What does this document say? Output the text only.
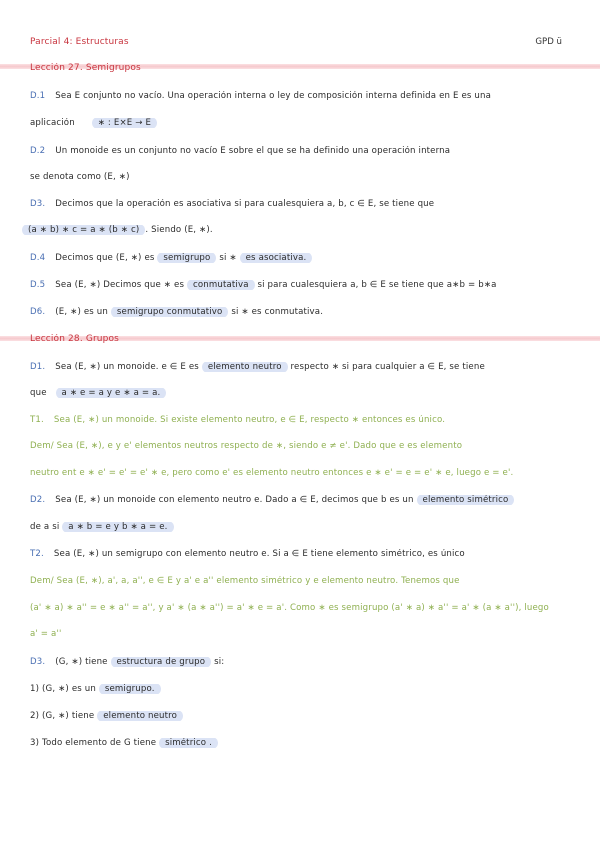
Parcial 4: Estructuras	GPD ü
Lección 27. Semigrupos
D.1 Sea E conjunto no vacío. Una operación interna o ley de composición interna definida en E es una
aplicación	∗ : E×E → E
D.2 Un monoide es un conjunto no vacío E sobre el que se ha definido una operación interna
se denota como (E, ∗)
D3. Decimos que la operación es asociativa si para cualesquiera a, b, c ∈ E, se tiene que
(a ∗ b) ∗ c = a ∗ (b ∗ c) . Siendo (E, ∗).
D.4 Decimos que (E, ∗) es semigrupo si ∗ es asociativa.
D.5 Sea (E, ∗) Decimos que ∗ es conmutativa si para cualesquiera a, b ∈ E se tiene que a∗b = b∗a
D6. (E, ∗) es un semigrupo conmutativo si ∗ es conmutativa.
Lección 28. Grupos
D1. Sea (E, ∗) un monoide. e ∈ E es elemento neutro respecto ∗ si para cualquier a ∈ E, se tiene
que a ∗ e = a y e ∗ a = a.
T1. Sea (E, ∗) un monoide. Si existe elemento neutro, e ∈ E, respecto ∗ entonces es único.
Dem/ Sea (E, ∗), e y e' elementos neutros respecto de ∗, siendo e ≠ e'. Dado que e es elemento
neutro ent e ∗ e' = e' = e' ∗ e, pero como e' es elemento neutro entonces e ∗ e' = e = e' ∗ e, luego e = e'.
D2. Sea (E, ∗) un monoide con elemento neutro e. Dado a ∈ E, decimos que b es un elemento simétrico
de a si a ∗ b = e y b ∗ a = e.
T2. Sea (E, ∗) un semigrupo con elemento neutro e. Si a ∈ E tiene elemento simétrico, es único
Dem/ Sea (E, ∗), a', a, a'', e ∈ E y a' e a'' elemento simétrico y e elemento neutro. Tenemos que
(a' ∗ a) ∗ a'' = e ∗ a'' = a'', y a' ∗ (a ∗ a'') = a' ∗ e = a'. Como ∗ es semigrupo (a' ∗ a) ∗ a'' = a' ∗ (a ∗ a''), luego
a' = a''
D3. (G, ∗) tiene estructura de grupo si:
1) (G, ∗) es un semigrupo.
2) (G, ∗) tiene elemento neutro
3) Todo elemento de G tiene simétrico .
